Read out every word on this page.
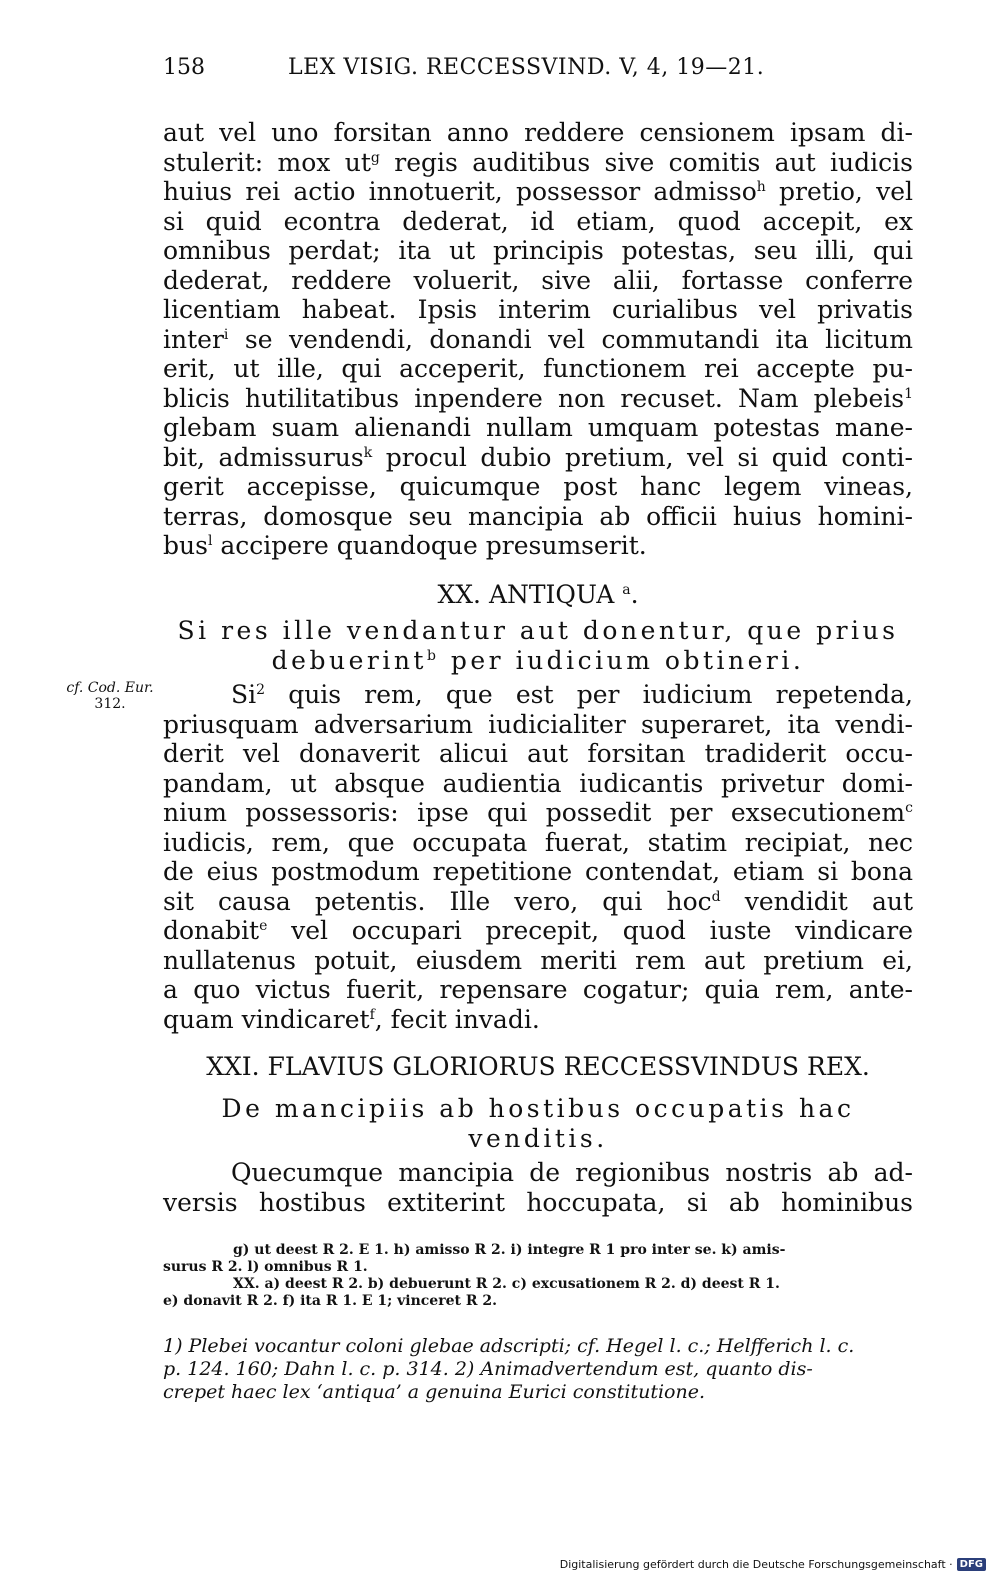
158	LEX VISIG. RECCESSVIND. V, 4, 19—21.
aut vel uno forsitan anno reddere censionem ipsam di-
stulerit: mox $ut^g$ regis auditibus sive comitis aut iudicis
huius rei actio innotuerit, possessor admisso$^h$ pretio, vel
si quid econtra dederat, id etiam, quod accepit, ex
omnibus perdat; ita ut principis potestas, seu illi, qui
dederat, reddere voluerit, sive alii, fortasse conferre
licentiam habeat. Ipsis interim curialibus vel privatis
inter$^i$ se vendendi, donandi vel commutandi ita licitum
erit, ut ille, qui acceperit, functionem rei accepte pu-
blicis hutilitatibus inpendere non recuset. Nam plebeis$^1$
glebam suam alienandi nullam umquam potestas mane-
bit, admissurus$^k$ procul dubio pretium, vel si quid conti-
gerit accepisse, quicumque post hanc legem vineas,
terras, domosque seu mancipia ab officii huius homini-
bus$^l$ accipere quandoque presumserit.
XX. ANTIQUA $^a$.
Si res ille vendantur aut donentur, que prius
debuerint$^b$ per iudicium obtineri.
Si$^2$ quis rem, que est per iudicium repetenda,
priusquam adversarium iudicialiter superaret, ita vendi-
derit vel donaverit alicui aut forsitan tradiderit occu-
pandam, ut absque audientia iudicantis privetur domi-
nium possessoris: ipse qui possedit per exsecutionem$^c$
iudicis, rem, que occupata fuerat, statim recipiat, nec
de eius postmodum repetitione contendat, etiam si bona
sit causa petentis. Ille vero, qui hoc$^d$ vendidit aut
donabit$^e$ vel occupari precepit, quod iuste vindicare
nullatenus potuit, eiusdem meriti rem aut pretium ei,
a quo victus fuerit, repensare cogatur; quia rem, ante-
quam vindicaret$^f$, fecit invadi.
cf. Cod. Eur.
312.
XXI. FLAVIUS GLORIORUS RECCESSVINDUS REX.
De mancipiis ab hostibus occupatis hac
venditis.
Quecumque mancipia de regionibus nostris ab ad-
versis hostibus extiterint hoccupata, si ab hominibus
g) ut deest R 2. E 1. h) amisso R 2. i) integre R 1 pro inter se. k) amis-
surus R 2. l) omnibus R 1.
XX. a) deest R 2. b) debuerunt R 2. c) excusationem R 2. d) deest R 1.
e) donavit R 2. f) ita R 1. E 1; vinceret R 2.
1) Plebei vocantur coloni glebae adscripti; cf. Hegel l. c.; Helfferich l. c.
p. 124. 160; Dahn l. c. p. 314. 2) Animadvertendum est, quanto dis-
crepet haec lex ‘antiqua’ a genuina Eurici constitutione.
Digitalisierung gefördert durch die Deutsche Forschungsgemeinschaft · DFG
